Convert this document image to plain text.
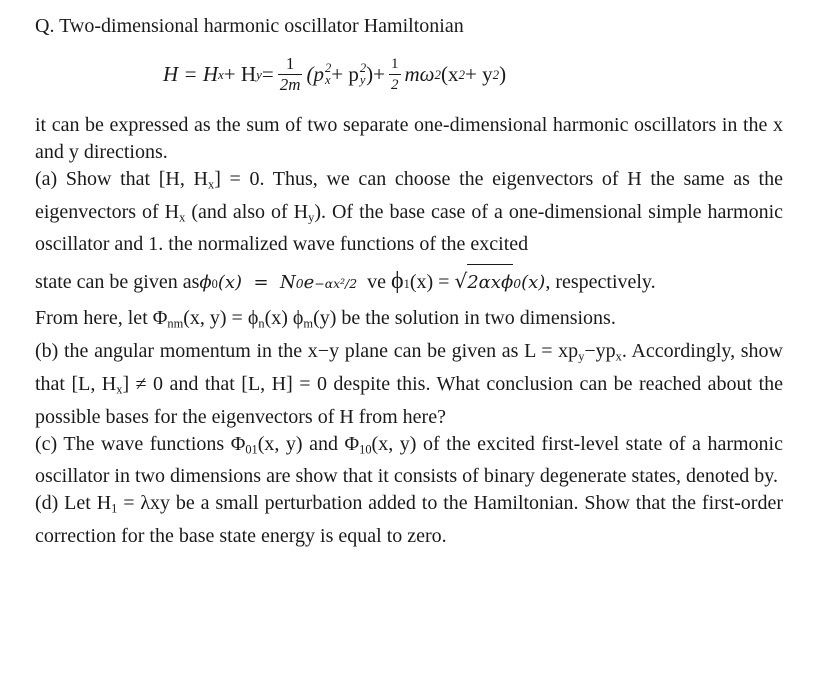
Q. Two-dimensional harmonic oscillator Hamiltonian

H = H x + H $y = \frac{1}{2m} (p$ 2
x + p 2
y ) + $\frac{1}{2}$ mω 2 (x 2 + y 2 )

it can be expressed as the sum of two separate one-dimensional harmonic oscillators in the x and y directions.

(a) Show that [H, Hx] = 0. Thus, we can choose the eigenvectors of H the same as the eigenvectors of Hx (and also of Hy). Of the base case of a one-dimensional simple harmonic oscillator and 1. the normalized wave functions of the excited

state can be given as ϕ 0 (x)  =  N 0 e −αx²/2 ve ϕ 1 (x) = √ 2αxϕ 0 (x) , respectively.

From here, let Φnm(x, y) = ϕn(x) ϕm(y) be the solution in two dimensions.

(b) the angular momentum in the x−y plane can be given as L = xpy−ypx. Accordingly, show that [L, Hx] ≠ 0 and that [L, H] = 0 despite this. What conclusion can be reached about the possible bases for the eigenvectors of H from here?

(c) The wave functions Φ01(x, y) and Φ10(x, y) of the excited first-level state of a harmonic oscillator in two dimensions are show that it consists of binary degenerate states, denoted by.

(d) Let H1 = λxy be a small perturbation added to the Hamiltonian. Show that the first-order correction for the base state energy is equal to zero.
